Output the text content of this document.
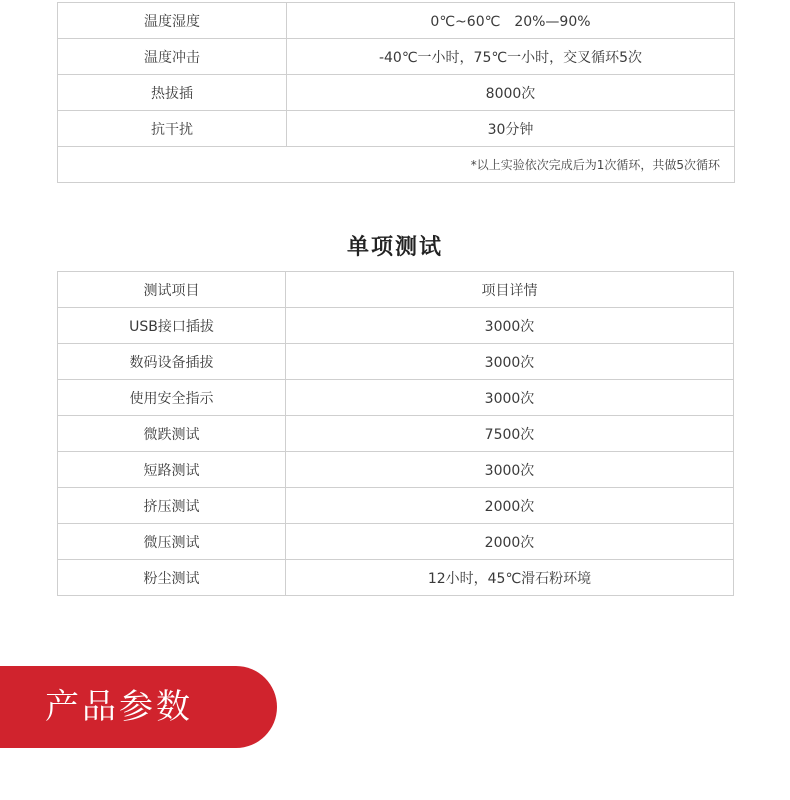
温度湿度	0℃~60℃　20%—90%
温度冲击	-40℃一小时，75℃一小时，交叉循环5次
热拔插	8000次
抗干扰	30分钟
*以上实验依次完成后为1次循环，共做5次循环	
单项测试
测试项目	项目详情
USB接口插拔	3000次
数码设备插拔	3000次
使用安全指示	3000次
微跌测试	7500次
短路测试	3000次
挤压测试	2000次
微压测试	2000次
粉尘测试	12小时，45℃滑石粉环境
产品参数
